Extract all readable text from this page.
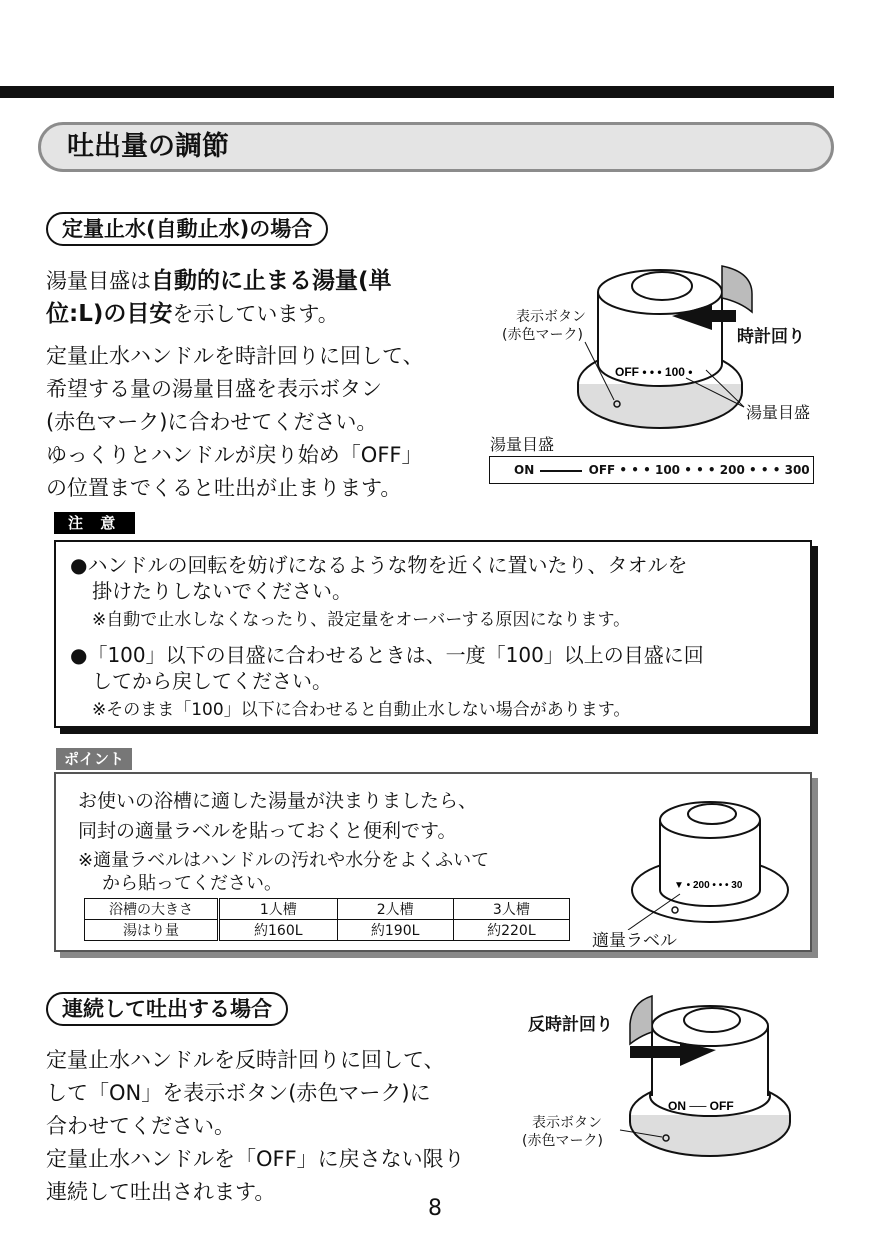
吐出量の調節
定量止水(自動止水)の場合
湯量目盛は自動的に止まる湯量(単
位:L)の目安を示しています。
定量止水ハンドルを時計回りに回して、
希望する量の湯量目盛を表示ボタン
(赤色マーク)に合わせてください。
ゆっくりとハンドルが戻り始め「OFF」
の位置までくると吐出が止まります。
OFF • • • 100 •
表示ボタン
(赤色マーク)	時計回り
湯量目盛
湯量目盛
ON	OFF • • • 100 • • • 200 • • • 300
注 意
●ハンドルの回転を妨げになるような物を近くに置いたり、タオルを
掛けたりしないでください。
※自動で止水しなくなったり、設定量をオーバーする原因になります。
●「100」以下の目盛に合わせるときは、一度「100」以上の目盛に回
してから戻してください。
※そのまま「100」以下に合わせると自動止水しない場合があります。
ポイント
お使いの浴槽に適した湯量が決まりましたら、
同封の適量ラベルを貼っておくと便利です。
※適量ラベルはハンドルの汚れや水分をよくふいて
から貼ってください。
浴槽の大きさ	1人槽	2人槽	3人槽
湯はり量	約160L	約190L	約220L
▼ • 200 • • • 30
適量ラベル
連続して吐出する場合
定量止水ハンドルを反時計回りに回して、
して「ON」を表示ボタン(赤色マーク)に
合わせてください。
定量止水ハンドルを「OFF」に戻さない限り
連続して吐出されます。
ON ── OFF
反時計回り
表示ボタン
(赤色マーク)
8
